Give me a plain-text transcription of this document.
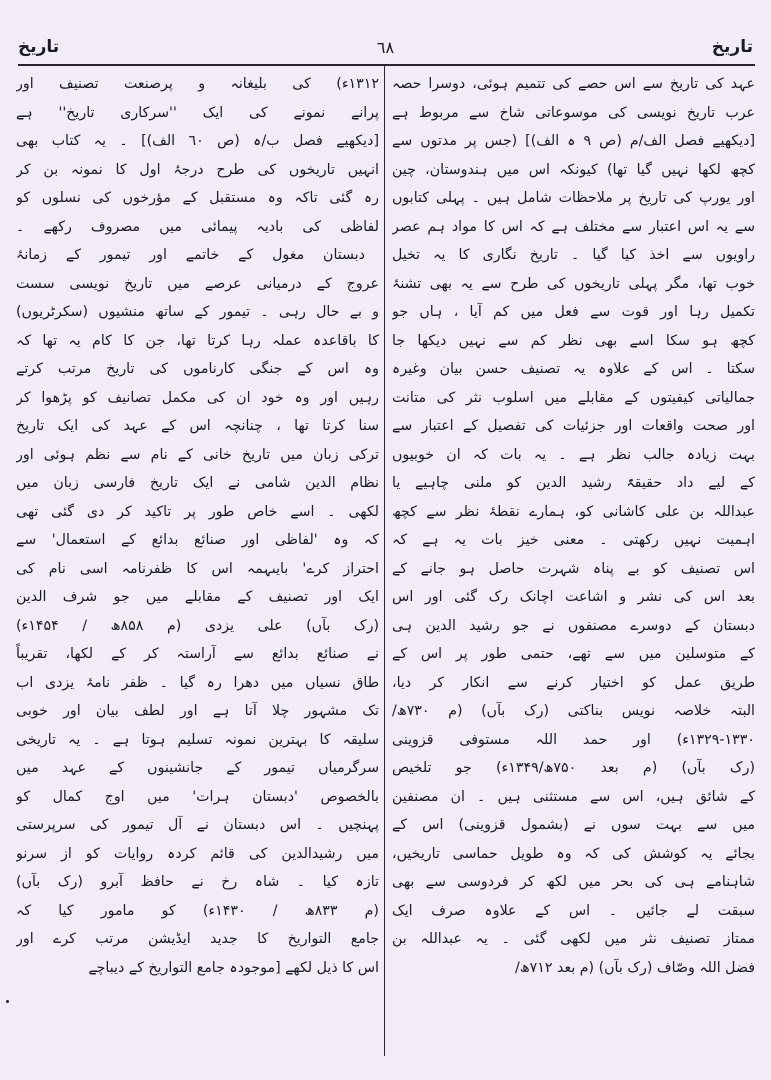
تاریخ
٦٨
تاریخ
عہد کی تاریخ سے اس حصے کی تتمیم ہوئی، دوسرا حصہ
عرب تاریخ نویسی کی موسوعاتی شاخ سے مربوط ہے
[دیکھیے فصل الف/م (ص ۹ ہ الف)] (جس پر مدتوں سے
کچھ لکھا نہیں گیا تھا) کیونکہ اس میں ہندوستان، چین
اور یورپ کی تاریخ پر ملاحظات شامل ہیں ۔ پہلی کتابوں
سے یہ اس اعتبار سے مختلف ہے کہ اس کا مواد ہم عصر
راویوں سے اخذ کیا گیا ۔ تاریخ نگاری کا یہ تخیل
خوب تھا، مگر پہلی تاریخوں کی طرح سے یہ بھی تشنۂ
تکمیل رہا اور قوت سے فعل میں کم آیا ، ہاں جو
کچھ ہو سکا اسے بھی نظر کم سے نہیں دیکھا جا
سکتا ۔ اس کے علاوہ یہ تصنیف حسن بیان وغیرہ
جمالیاتی کیفیتوں کے مقابلے میں اسلوب نثر کی متانت
اور صحت واقعات اور جزئیات کی تفصیل کے اعتبار سے
بہت زیادہ جالب نظر ہے ۔ یہ بات کہ ان خوبیوں
کے لیے داد حقیقۃً رشید الدین کو ملنی چاہیے یا
عبداللہ بن علی کاشانی کو، ہمارے نقطۂ نظر سے کچھ
اہمیت نہیں رکھتی ۔ معنی خیز بات یہ ہے کہ
اس تصنیف کو بے پناہ شہرت حاصل ہو جانے کے
بعد اس کی نشر و اشاعت اچانک رک گئی اور اس
دبستان کے دوسرے مصنفوں نے جو رشید الدین ہی
کے متوسلین میں سے تھے، حتمی طور پر اس کے
طریق عمل کو اختیار کرنے سے انکار کر دیا،
البتہ خلاصہ نویس بناکتی (رک بآں) (م ۷۳۰ھ/
۱۳۲۹-۱۳۳۰ء) اور حمد اللہ مستوفی قزوینی
(رک بآں) (م بعد ۷۵۰ھ/۱۳۴۹ء) جو تلخیص
کے شائق ہیں، اس سے مستثنی ہیں ۔ ان مصنفین
میں سے بہت سوں نے (بشمول قزوینی) اس کے
بجائے یہ کوشش کی کہ وہ طویل حماسی تاریخیں،
شاہنامے ہی کی بحر میں لکھ کر فردوسی سے بھی
سبقت لے جائیں ۔ اس کے علاوہ صرف ایک
ممتاز تصنیف نثر میں لکھی گئی ۔ یہ عبداللہ بن
فضل اللہ وصّاف (رک بآں) (م بعد ۷۱۲ھ/
۱۳۱۲ء) کی بلیغانہ و پرصنعت تصنیف اور
پرانے نمونے کی ایک ''سرکاری تاریخ'' ہے
[دیکھیے فصل ب/ہ (ص ٦٠ الف)] ۔ یہ کتاب بھی
انہیں تاریخوں کی طرح درجۂ اول کا نمونہ بن کر
رہ گئی تاکہ وہ مستقبل کے مؤرخوں کی نسلوں کو
لفاظی کی بادیہ پیمائی میں مصروف رکھے ۔
دبستان مغول کے خاتمے اور تیمور کے زمانۂ
عروج کے درمیانی عرصے میں تاریخ نویسی سست
و بے حال رہی ۔ تیمور کے ساتھ منشیوں (سکرٹریوں)
کا باقاعدہ عملہ رہا کرتا تھا، جن کا کام یہ تھا کہ
وہ اس کے جنگی کارناموں کی تاریخ مرتب کرتے
رہیں اور وہ خود ان کی مکمل تصانیف کو پڑھوا کر
سنا کرتا تھا ، چنانچہ اس کے عہد کی ایک تاریخ
ترکی زبان میں تاریخ خانی کے نام سے نظم ہوئی اور
نظام الدین شامی نے ایک تاریخ فارسی زبان میں
لکھی ۔ اسے خاص طور پر تاکید کر دی گئی تھی
کہ وہ 'لفاظی اور صنائع بدائع کے استعمال' سے
احتراز کرے' بایںہمہ اس کا ظفرنامہ اسی نام کی
ایک اور تصنیف کے مقابلے میں جو شرف الدین
(رک بآں) علی یزدی (م ۸۵۸ھ / ۱۴۵۴ء)
نے صنائع بدائع سے آراستہ کر کے لکھا، تقریباً
طاق نسیاں میں دھرا رہ گیا ۔ ظفر نامۂ یزدی اب
تک مشہور چلا آتا ہے اور لطف بیان اور خوبی
سلیقہ کا بہترین نمونہ تسلیم ہوتا ہے ۔ یہ تاریخی
سرگرمیاں تیمور کے جانشینوں کے عہد میں
بالخصوص 'دبستان ہرات' میں اوج کمال کو
پہنچیں ۔ اس دبستان نے آل تیمور کی سرپرستی
میں رشیدالدین کی قائم کردہ روایات کو از سرنو
تازہ کیا ۔ شاہ رخ نے حافظ آبرو (رک بآں)
(م ۸۳۳ھ / ۱۴۳۰ء) کو مامور کیا کہ
جامع التواریخ کا جدید ایڈیشن مرتب کرے اور
اس کا ذیل لکھے [موجودہ جامع التواریخ کے دیباچے
